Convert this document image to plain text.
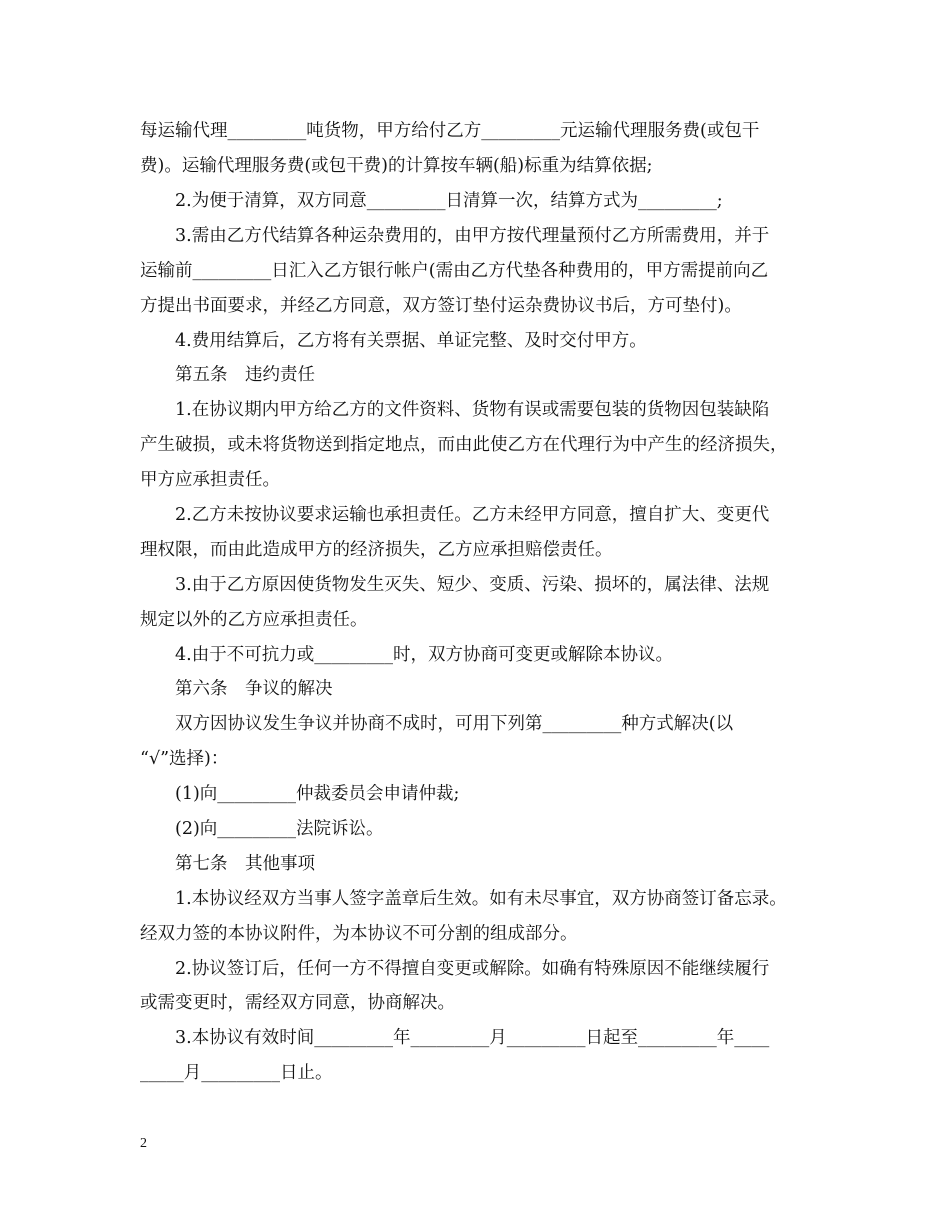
每运输代理_________吨货物，甲方给付乙方_________元运输代理服务费(或包干
费)。运输代理服务费(或包干费)的计算按车辆(船)标重为结算依据;
2.为便于清算，双方同意_________日清算一次，结算方式为_________;
3.需由乙方代结算各种运杂费用的，由甲方按代理量预付乙方所需费用，并于
运输前_________日汇入乙方银行帐户(需由乙方代垫各种费用的，甲方需提前向乙
方提出书面要求，并经乙方同意，双方签订垫付运杂费协议书后，方可垫付)。
4.费用结算后，乙方将有关票据、单证完整、及时交付甲方。
第五条　违约责任
1.在协议期内甲方给乙方的文件资料、货物有误或需要包装的货物因包装缺陷
产生破损，或未将货物送到指定地点，而由此使乙方在代理行为中产生的经济损失，
甲方应承担责任。
2.乙方未按协议要求运输也承担责任。乙方未经甲方同意，擅自扩大、变更代
理权限，而由此造成甲方的经济损失，乙方应承担赔偿责任。
3.由于乙方原因使货物发生灭失、短少、变质、污染、损坏的，属法律、法规
规定以外的乙方应承担责任。
4.由于不可抗力或_________时，双方协商可变更或解除本协议。
第六条　争议的解决
双方因协议发生争议并协商不成时，可用下列第_________种方式解决(以
“√”选择)：
(1)向_________仲裁委员会申请仲裁;
(2)向_________法院诉讼。
第七条　其他事项
1.本协议经双方当事人签字盖章后生效。如有未尽事宜，双方协商签订备忘录。
经双力签的本协议附件，为本协议不可分割的组成部分。
2.协议签订后，任何一方不得擅自变更或解除。如确有特殊原因不能继续履行
或需变更时，需经双方同意，协商解决。
3.本协议有效时间_________年_________月_________日起至_________年____
_____月_________日止。
2
